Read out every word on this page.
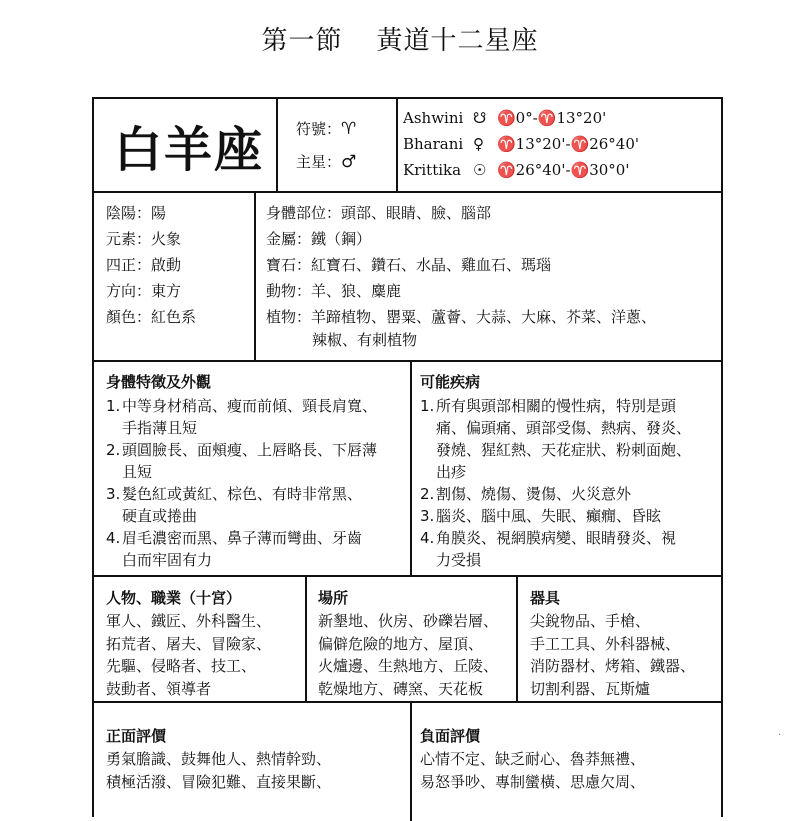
第一節 黃道十二星座
白羊座 符號：♈
主星：♂
Ashwini ☋ ♈0°-♈13°20'
Bharani ♀ ♈13°20'-♈26°40'
Krittika ☉ ♈26°40'-♈30°0'
陰陽：陽
元素：火象
四正：啟動
方向：東方
顏色：紅色系
身體部位：頭部、眼睛、臉、腦部
金屬：鐵（鋼）
寶石：紅寶石、鑽石、水晶、雞血石、瑪瑙
動物：羊、狼、麋鹿
植物：羊蹄植物、罌粟、蘆薈、大蒜、大麻、芥菜、洋蔥、
辣椒、有刺植物
身體特徵及外觀
1. 中等身材稍高、瘦而前傾、頸長肩寬、
手指薄且短
2. 頭圓臉長、面頰瘦、上唇略長、下唇薄
且短
3. 髮色紅或黃紅、棕色、有時非常黑、
硬直或捲曲
4. 眉毛濃密而黑、鼻子薄而彎曲、牙齒
白而牢固有力
可能疾病
1. 所有與頭部相關的慢性病，特別是頭
痛、偏頭痛、頭部受傷、熱病、發炎、
發燒、猩紅熱、天花症狀、粉刺面皰、
出疹
2. 割傷、燒傷、燙傷、火災意外
3. 腦炎、腦中風、失眠、癲癇、昏眩
4. 角膜炎、視網膜病變、眼睛發炎、視
力受損
人物、職業（十宮）
軍人、鐵匠、外科醫生、
拓荒者、屠夫、冒險家、
先驅、侵略者、技工、
鼓動者、領導者
場所
新墾地、伙房、砂礫岩層、
偏僻危險的地方、屋頂、
火爐邊、生熱地方、丘陵、
乾燥地方、磚窯、天花板
器具
尖銳物品、手槍、
手工工具、外科器械、
消防器材、烤箱、鐵器、
切割利器、瓦斯爐
正面評價
勇氣膽識、鼓舞他人、熱情幹勁、
積極活潑、冒險犯難、直接果斷、
負面評價
心情不定、缺乏耐心、魯莽無禮、
易怒爭吵、專制蠻橫、思慮欠周、
·
